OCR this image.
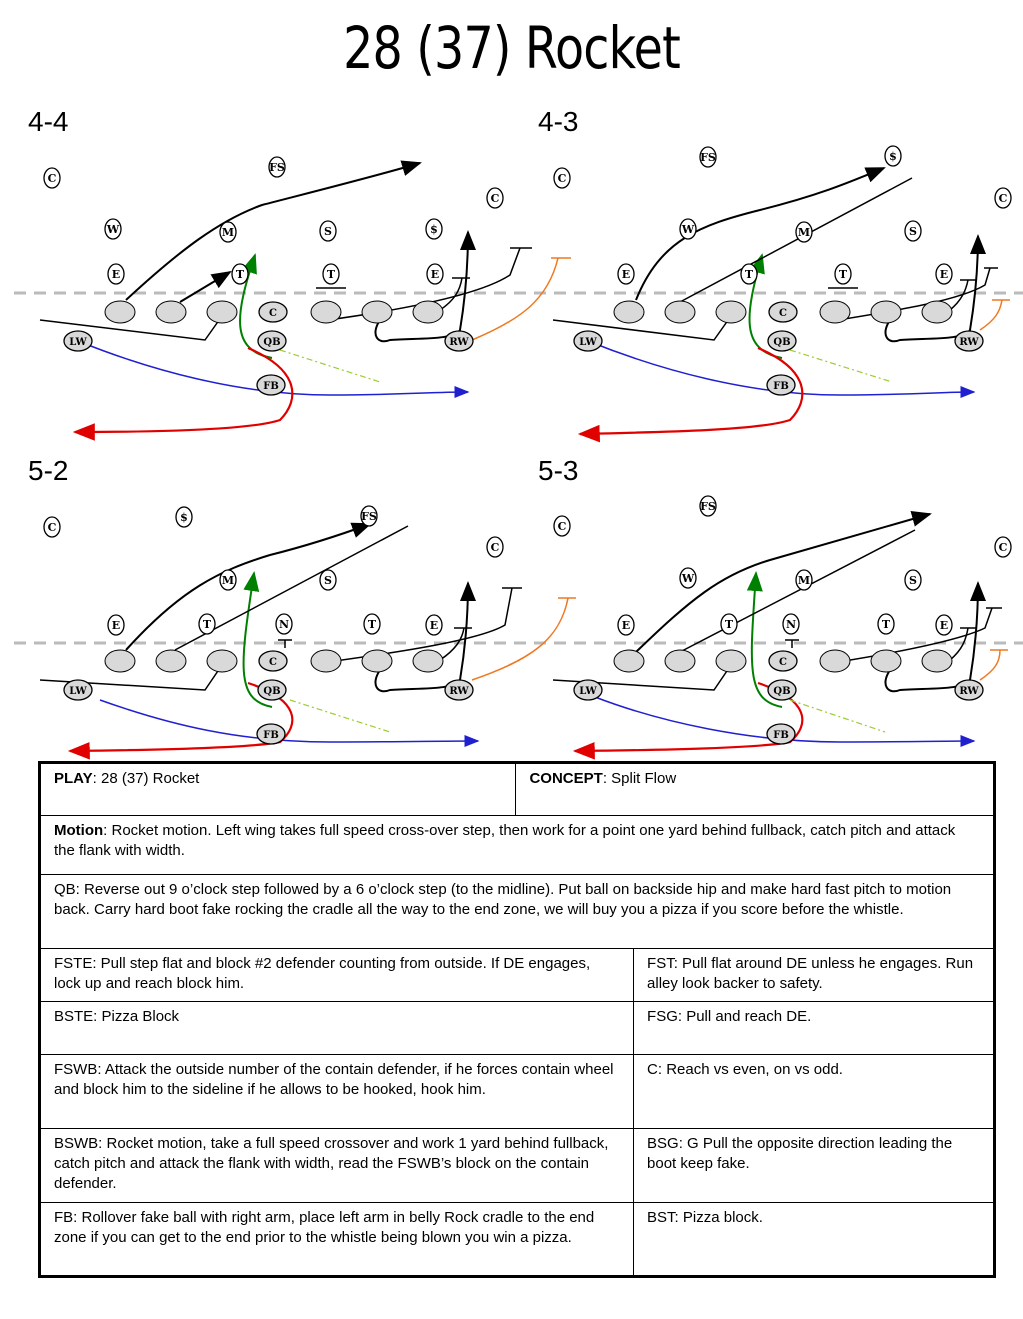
28 (37) Rocket
4-4	4-3
5-2	5-3
C
QB
FB
LW	RW
C
QB
FB
LW	RW
C
QB
FB
LW	RW
C
QB
FB
LW	RW
C
FS
C
W	M	S	$
E	T	T	E
FS	$
C
C
W	M	S
E	T	T	E
C
$	FS
C
M	S
E	T	N	T	E
FS
C
C
W	M	S
E	T	N	T	E
PLAY: 28 (37) Rocket	CONCEPT: Split Flow	
Motion: Rocket motion. Left wing takes full speed cross-over step, then work for a point one yard behind fullback, catch pitch and attack the flank with width.		
QB: Reverse out 9 o’clock step followed by a 6 o’clock step (to the midline). Put ball on backside hip and make hard fast pitch to motion back. Carry hard boot fake rocking the cradle all the way to the end zone, we will buy you a pizza if you score before the whistle.		
FSTE: Pull step flat and block #2 defender counting from outside. If DE engages, lock up and reach block him.		FST: Pull flat around DE unless he engages. Run alley look backer to safety.
BSTE: Pizza Block		FSG: Pull and reach DE.
FSWB: Attack the outside number of the contain defender, if he forces contain wheel and block him to the sideline if he allows to be hooked, hook him.		C: Reach vs even, on vs odd.
BSWB: Rocket motion, take a full speed crossover and work 1 yard behind fullback, catch pitch and attack the flank with width, read the FSWB’s block on the contain defender.		BSG: G Pull the opposite direction leading the boot keep fake.
FB: Rollover fake ball with right arm, place left arm in belly Rock cradle to the end zone if you can get to the end prior to the whistle being blown you win a pizza.		BST: Pizza block.
